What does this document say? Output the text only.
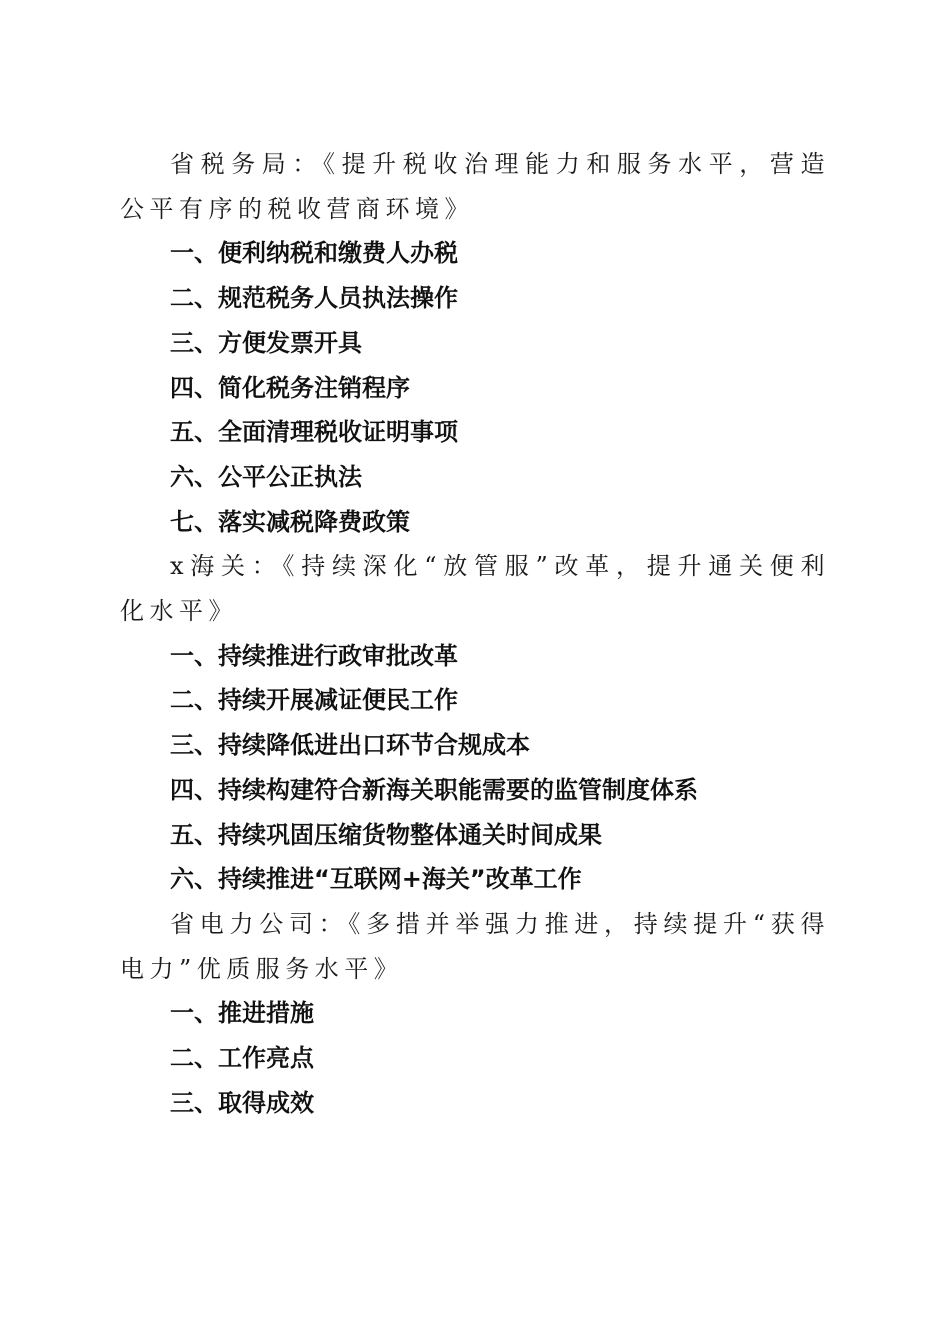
省税务局：《提升税收治理能力和服务水平，营造公平有序的税收营商环境》

一、便利纳税和缴费人办税
二、规范税务人员执法操作
三、方便发票开具
四、简化税务注销程序
五、全面清理税收证明事项
六、公平公正执法
七、落实减税降费政策

x海关：《持续深化“放管服”改革，提升通关便利化水平》

一、持续推进行政审批改革
二、持续开展减证便民工作
三、持续降低进出口环节合规成本
四、持续构建符合新海关职能需要的监管制度体系
五、持续巩固压缩货物整体通关时间成果
六、持续推进“互联网+海关”改革工作

省电力公司：《多措并举强力推进，持续提升“获得电力”优质服务水平》

一、推进措施
二、工作亮点
三、取得成效
